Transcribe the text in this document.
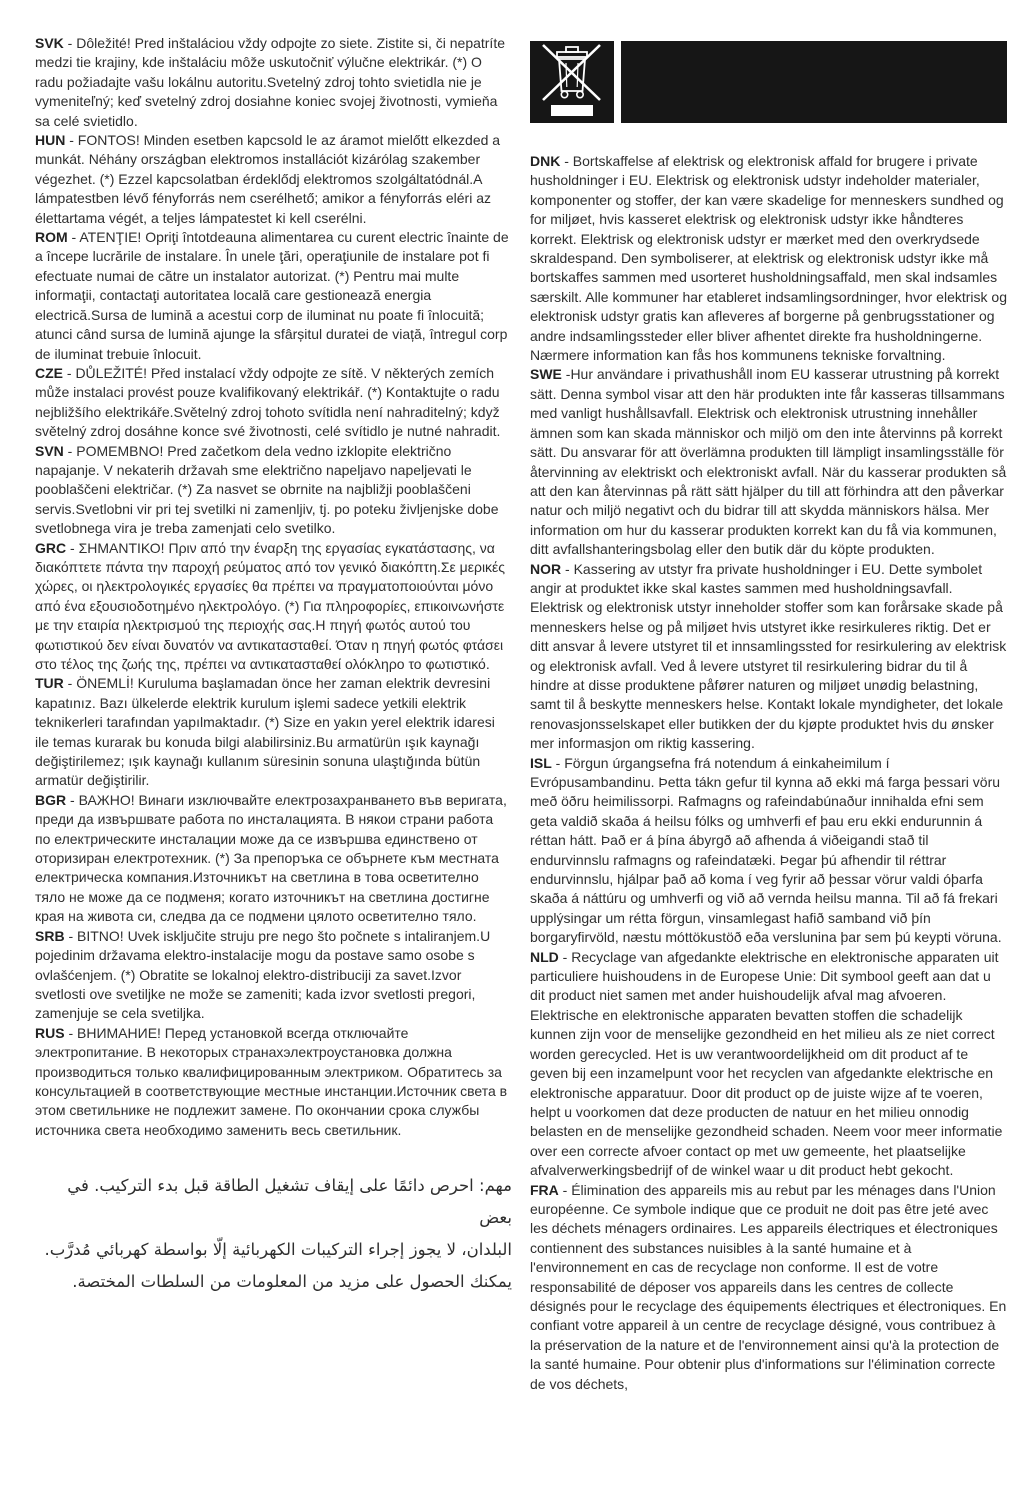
SVK - Dôležité! Pred inštaláciou vždy odpojte zo siete. Zistite si, či nepatríte medzi tie krajiny, kde inštaláciu môže uskutočniť výlučne elektrikár. (*) O radu požiadajte vašu lokálnu autoritu.Svetelný zdroj tohto svietidla nie je vymeniteľný; keď svetelný zdroj dosiahne koniec svojej životnosti, vymieňa sa celé svietidlo.

HUN - FONTOS! Minden esetben kapcsold le az áramot mielőtt elkezded a munkát. Néhány országban elektromos installációt kizárólag szakember végezhet. (*) Ezzel kapcsolatban érdeklődj elektromos szolgáltatódnál.A lámpatestben lévő fényforrás nem cserélhető; amikor a fényforrás eléri az élettartama végét, a teljes lámpatestet ki kell cserélni.

ROM - ATENŢIE! Opriţi întotdeauna alimentarea cu curent electric înainte de a începe lucrările de instalare. În unele ţări, operaţiunile de instalare pot fi efectuate numai de către un instalator autorizat. (*) Pentru mai multe informaţii, contactaţi autoritatea locală care gestionează energia electrică.Sursa de lumină a acestui corp de iluminat nu poate fi înlocuită; atunci când sursa de lumină ajunge la sfârșitul duratei de viață, întregul corp de iluminat trebuie înlocuit.

CZE - DŮLEŽITÉ! Před instalací vždy odpojte ze sítě. V některých zemích může instalaci provést pouze kvalifikovaný elektrikář. (*) Kontaktujte o radu nejbližšího elektrikáře.Světelný zdroj tohoto svítidla není nahraditelný; když světelný zdroj dosáhne konce své životnosti, celé svítidlo je nutné nahradit.

SVN - POMEMBNO! Pred začetkom dela vedno izklopite električno napajanje. V nekaterih državah sme električno napeljavo napeljevati le pooblaščeni električar. (*) Za nasvet se obrnite na najbližji pooblaščeni servis.Svetlobni vir pri tej svetilki ni zamenljiv, tj. po poteku življenjske dobe svetlobnega vira je treba zamenjati celo svetilko.

GRC - ΣΗΜΑΝΤΙΚΟ! Πριν από την έναρξη της εργασίας εγκατάστασης, να διακόπτετε πάντα την παροχή ρεύματος από τον γενικό διακόπτη.Σε μερικές χώρες, οι ηλεκτρολογικές εργασίες θα πρέπει να πραγματοποιούνται μόνο από ένα εξουσιοδοτημένο ηλεκτρολόγο. (*) Για πληροφορίες, επικοινωνήστε με την εταιρία ηλεκτρισμού της περιοχής σας.Η πηγή φωτός αυτού του φωτιστικού δεν είναι δυνατόν να αντικατασταθεί. Όταν η πηγή φωτός φτάσει στο τέλος της ζωής της, πρέπει να αντικατασταθεί ολόκληρο το φωτιστικό.

TUR - ÖNEMLİ! Kuruluma başlamadan önce her zaman elektrik devresini kapatınız. Bazı ülkelerde elektrik kurulum işlemi sadece yetkili elektrik teknikerleri tarafından yapılmaktadır. (*) Size en yakın yerel elektrik idaresi ile temas kurarak bu konuda bilgi alabilirsiniz.Bu armatürün ışık kaynağı değiştirilemez; ışık kaynağı kullanım süresinin sonuna ulaştığında bütün armatür değiştirilir.

BGR - ВАЖНО! Винаги изключвайте електрозахранването във веригата, преди да извършвате работа по инсталацията. В някои страни работа по електрическите инсталации може да се извършва единствено от оторизиран електротехник. (*) За препоръка се обърнете към местната електрическа компания.Източникът на светлина в това осветително тяло не може да се подменя; когато източникът на светлина достигне края на живота си, следва да се подмени цялото осветително тяло.

SRB - BITNO! Uvek isključite struju pre nego što počnete s intaliranjem.U pojedinim državama elektro-instalacije mogu da postave samo osobe s ovlašćenjem. (*) Obratite se lokalnoj elektro-distribuciji za savet.Izvor svetlosti ove svetiljke ne može se zameniti; kada izvor svetlosti pregori, zamenjuje se cela svetiljka.

RUS - ВНИМАНИЕ! Перед установкой всегда отключайте электропитание. В некоторых странахэлектроустановка должна производиться только квалифицированным электриком. Обратитесь за консультацией в соответствующие местные инстанции.Источник света в этом светильнике не подлежит замене. По окончании срока службы источника света необходимо заменить весь светильник.

مهم: احرص دائمًا على إيقاف تشغيل الطاقة قبل بدء التركيب. في بعض
البلدان، لا يجوز إجراء التركيبات الكهربائية إلّا بواسطة كهربائي مُدرَّب.
يمكنك الحصول على مزيد من المعلومات من السلطات المختصة.

DNK - Bortskaffelse af elektrisk og elektronisk affald for brugere i private husholdninger i EU. Elektrisk og elektronisk udstyr indeholder materialer, komponenter og stoffer, der kan være skadelige for menneskers sundhed og for miljøet, hvis kasseret elektrisk og elektronisk udstyr ikke håndteres korrekt. Elektrisk og elektronisk udstyr er mærket med den overkrydsede skraldespand. Den symboliserer, at elektrisk og elektronisk udstyr ikke må bortskaffes sammen med usorteret husholdningsaffald, men skal indsamles særskilt. Alle kommuner har etableret indsamlingsordninger, hvor elektrisk og elektronisk udstyr gratis kan afleveres af borgerne på genbrugsstationer og andre indsamlingssteder eller bliver afhentet direkte fra husholdningerne. Nærmere information kan fås hos kommunens tekniske forvaltning.

SWE -Hur användare i privathushåll inom EU kasserar utrustning på korrekt sätt. Denna symbol visar att den här produkten inte får kasseras tillsammans med vanligt hushållsavfall. Elektrisk och elektronisk utrustning innehåller ämnen som kan skada människor och miljö om den inte återvinns på korrekt sätt. Du ansvarar för att överlämna produkten till lämpligt insamlingsställe för återvinning av elektriskt och elektroniskt avfall. När du kasserar produkten så att den kan återvinnas på rätt sätt hjälper du till att förhindra att den påverkar natur och miljö negativt och du bidrar till att skydda människors hälsa. Mer information om hur du kasserar produkten korrekt kan du få via kommunen, ditt avfallshanteringsbolag eller den butik där du köpte produkten.

NOR - Kassering av utstyr fra private husholdninger i EU. Dette symbolet angir at produktet ikke skal kastes sammen med husholdningsavfall. Elektrisk og elektronisk utstyr inneholder stoffer som kan forårsake skade på menneskers helse og på miljøet hvis utstyret ikke resirkuleres riktig. Det er ditt ansvar å levere utstyret til et innsamlingssted for resirkulering av elektrisk og elektronisk avfall. Ved å levere utstyret til resirkulering bidrar du til å hindre at disse produktene påfører naturen og miljøet unødig belastning, samt til å beskytte menneskers helse. Kontakt lokale myndigheter, det lokale renovasjonsselskapet eller butikken der du kjøpte produktet hvis du ønsker mer informasjon om riktig kassering.

ISL - Förgun úrgangsefna frá notendum á einkaheimilum í Evrópusambandinu. Þetta tákn gefur til kynna að ekki má farga þessari vöru með öðru heimilissorpi. Rafmagns og rafeindabúnaður innihalda efni sem geta valdið skaða á heilsu fólks og umhverfi ef þau eru ekki endurunnin á réttan hátt. Það er á þína ábyrgð að afhenda á viðeigandi stað til endurvinnslu rafmagns og rafeindatæki. Þegar þú afhendir til réttrar endurvinnslu, hjálpar það að koma í veg fyrir að þessar vörur valdi óþarfa skaða á náttúru og umhverfi og við að vernda heilsu manna. Til að fá frekari upplýsingar um rétta förgun, vinsamlegast hafið samband við þín borgaryfirvöld, næstu móttökustöð eða verslunina þar sem þú keypti vöruna.

NLD - Recyclage van afgedankte elektrische en elektronische apparaten uit particuliere huishoudens in de Europese Unie: Dit symbool geeft aan dat u dit product niet samen met ander huishoudelijk afval mag afvoeren. Elektrische en elektronische apparaten bevatten stoffen die schadelijk kunnen zijn voor de menselijke gezondheid en het milieu als ze niet correct worden gerecycled. Het is uw verantwoordelijkheid om dit product af te geven bij een inzamelpunt voor het recyclen van afgedankte elektrische en elektronische apparatuur. Door dit product op de juiste wijze af te voeren, helpt u voorkomen dat deze producten de natuur en het milieu onnodig belasten en de menselijke gezondheid schaden. Neem voor meer informatie over een correcte afvoer contact op met uw gemeente, het plaatselijke afvalverwerkingsbedrijf of de winkel waar u dit product hebt gekocht.

FRA - Élimination des appareils mis au rebut par les ménages dans l'Union européenne. Ce symbole indique que ce produit ne doit pas être jeté avec les déchets ménagers ordinaires. Les appareils électriques et électroniques contiennent des substances nuisibles à la santé humaine et à l'environnement en cas de recyclage non conforme. Il est de votre responsabilité de déposer vos appareils dans les centres de collecte désignés pour le recyclage des équipements électriques et électroniques. En confiant votre appareil à un centre de recyclage désigné, vous contribuez à la préservation de la nature et de l'environnement ainsi qu'à la protection de la santé humaine. Pour obtenir plus d'informations sur l'élimination correcte de vos déchets,
